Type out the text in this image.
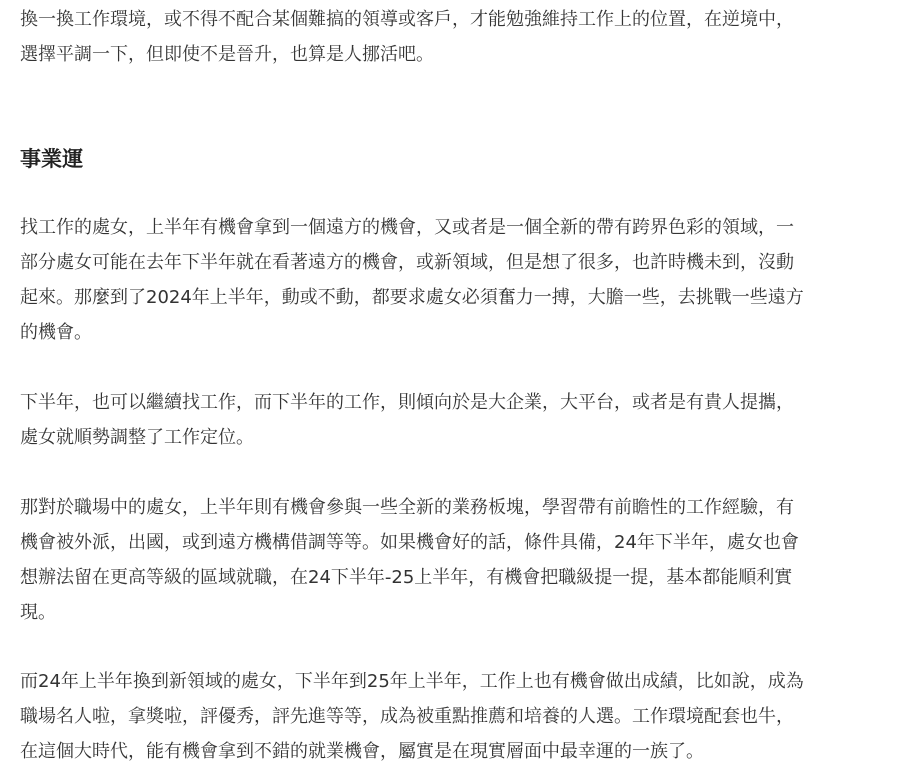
換一換工作環境，或不得不配合某個難搞的領導或客戶，才能勉強維持工作上的位置，在逆境中，
選擇平調一下，但即使不是晉升，也算是人挪活吧。

事業運

找工作的處女，上半年有機會拿到一個遠方的機會，又或者是一個全新的帶有跨界色彩的領域，一
部分處女可能在去年下半年就在看著遠方的機會，或新領域，但是想了很多，也許時機未到，沒動
起來。那麼到了2024年上半年，動或不動，都要求處女必須奮力一搏，大膽一些，去挑戰一些遠方
的機會。

下半年，也可以繼續找工作，而下半年的工作，則傾向於是大企業，大平台，或者是有貴人提攜，
處女就順勢調整了工作定位。

那對於職場中的處女，上半年則有機會參與一些全新的業務板塊，學習帶有前瞻性的工作經驗，有
機會被外派，出國，或到遠方機構借調等等。如果機會好的話，條件具備，24年下半年，處女也會
想辦法留在更高等級的區域就職，在24下半年-25上半年，有機會把職級提一提，基本都能順利實
現。

而24年上半年換到新領域的處女，下半年到25年上半年，工作上也有機會做出成績，比如說，成為
職場名人啦，拿獎啦，評優秀，評先進等等，成為被重點推薦和培養的人選。工作環境配套也牛，
在這個大時代，能有機會拿到不錯的就業機會，屬實是在現實層面中最幸運的一族了。
